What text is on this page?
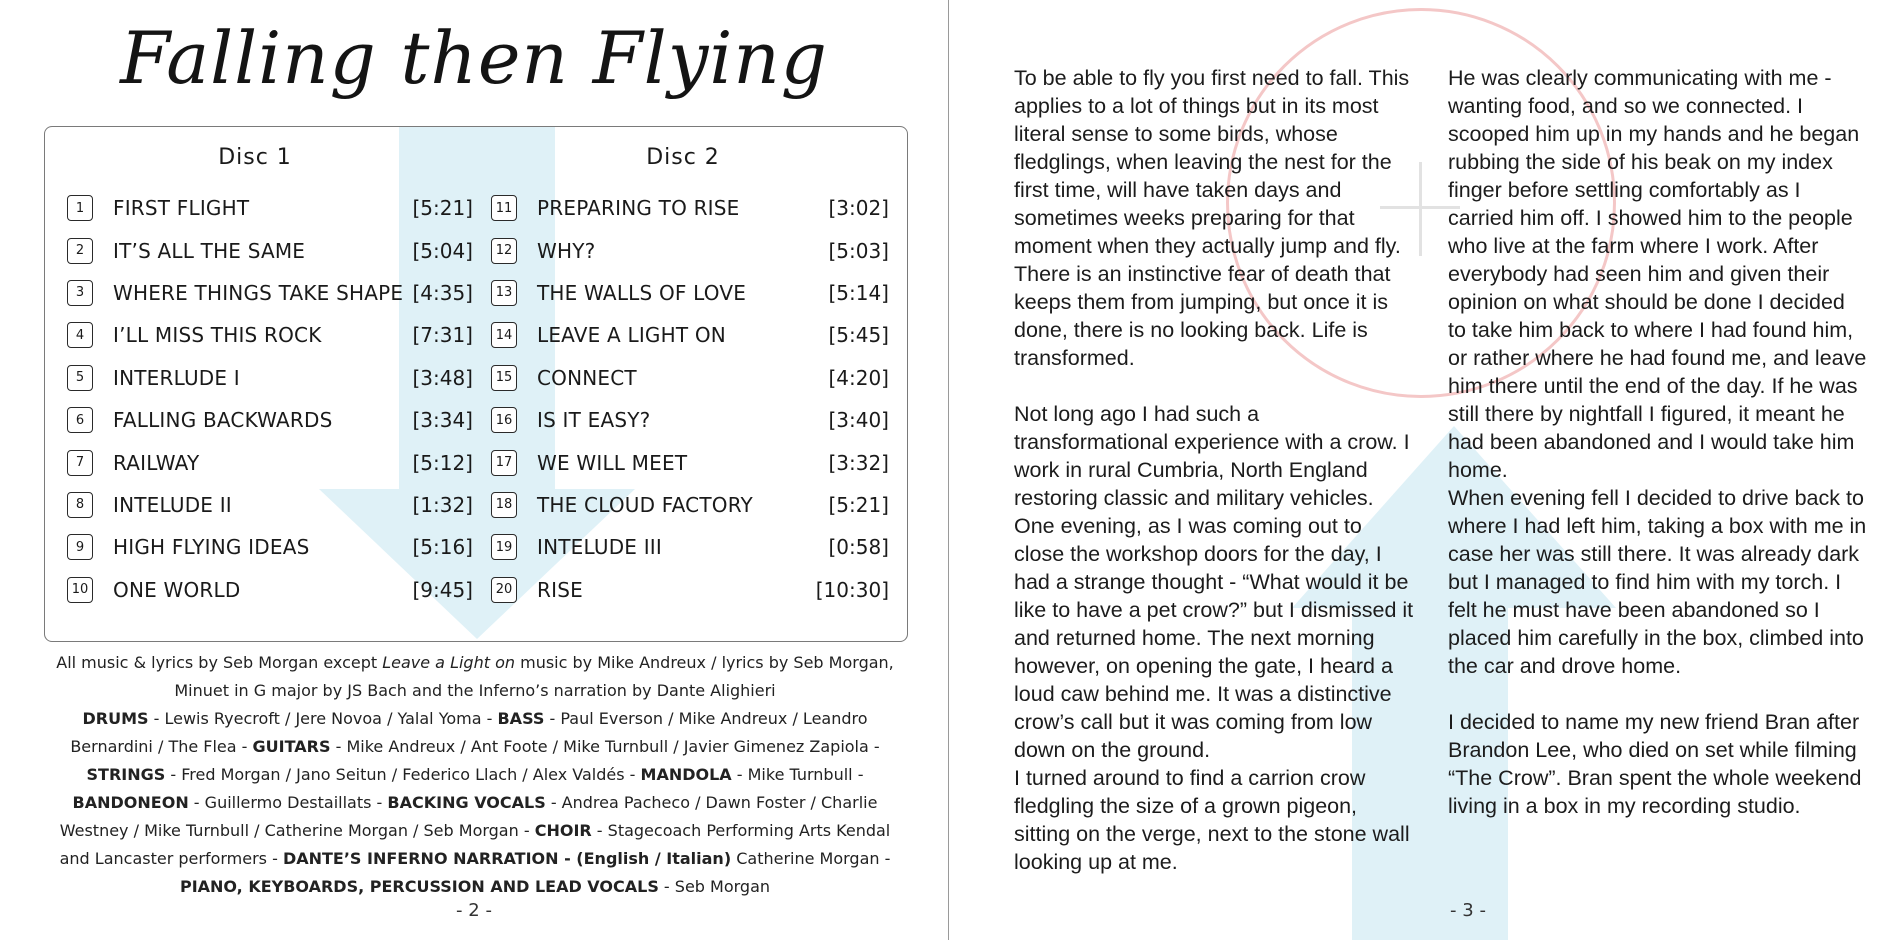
Falling then Flying
Disc 1	Disc 2
1	FIRST FLIGHT	[5:21]
2	IT’S ALL THE SAME	[5:04]
3	WHERE THINGS TAKE SHAPE [4:35]
4	I’LL MISS THIS ROCK	[7:31]
5	INTERLUDE I	[3:48]
6	FALLING BACKWARDS	[3:34]
7	RAILWAY	[5:12]
8	INTELUDE II	[1:32]
9	HIGH FLYING IDEAS	[5:16]
10 ONE WORLD	[9:45]
11 PREPARING TO RISE	[3:02]
12 WHY?	[5:03]
13 THE WALLS OF LOVE	[5:14]
14 LEAVE A LIGHT ON	[5:45]
15 CONNECT	[4:20]
16 IS IT EASY?	[3:40]
17 WE WILL MEET	[3:32]
18 THE CLOUD FACTORY	[5:21]
19 INTELUDE III	[0:58]
20 RISE	[10:30]

All music & lyrics by Seb Morgan except Leave a Light on music by Mike Andreux / lyrics by Seb Morgan,
Minuet in G major by JS Bach and the Inferno’s narration by Dante Alighieri

DRUMS - Lewis Ryecroft / Jere Novoa / Yalal Yoma - BASS - Paul Everson / Mike Andreux / Leandro Bernardini / The Flea - GUITARS - Mike Andreux / Ant Foote / Mike Turnbull / Javier Gimenez Zapiola - STRINGS - Fred Morgan / Jano Seitun / Federico Llach / Alex Valdés - MANDOLA - Mike Turnbull - BANDONEON - Guillermo Destaillats - BACKING VOCALS - Andrea Pacheco / Dawn Foster / Charlie Westney / Mike Turnbull / Catherine Morgan / Seb Morgan - CHOIR - Stagecoach Performing Arts Kendal and Lancaster performers - DANTE’S INFERNO NARRATION - (English / Italian) Catherine Morgan - PIANO, KEYBOARDS, PERCUSSION AND LEAD VOCALS - Seb Morgan

- 2 -

To be able to fly you first need to fall. This applies to a lot of things but in its most literal sense to some birds, whose fledglings, when leaving the nest for the first time, will have taken days and sometimes weeks preparing for that moment when they actually jump and fly. There is an instinctive fear of death that keeps them from jumping, but once it is done, there is no looking back. Life is transformed.

Not long ago I had such a transformational experience with a crow. I work in rural Cumbria, North England restoring classic and military vehicles. One evening, as I was coming out to close the workshop doors for the day, I had a strange thought - “What would it be like to have a pet crow?” but I dismissed it and returned home. The next morning however, on opening the gate, I heard a loud caw behind me. It was a distinctive crow’s call but it was coming from low down on the ground.

I turned around to find a carrion crow fledgling the size of a grown pigeon, sitting on the verge, next to the stone wall looking up at me.

He was clearly communicating with me -wanting food, and so we connected. I scooped him up in my hands and he began rubbing the side of his beak on my index finger before settling comfortably as I carried him off. I showed him to the people who live at the farm where I work. After everybody had seen him and given their opinion on what should be done I decided to take him back to where I had found him, or rather where he had found me, and leave him there until the end of the day. If he was still there by nightfall I figured, it meant he had been abandoned and I would take him home.

When evening fell I decided to drive back to where I had left him, taking a box with me in case her was still there. It was already dark but I managed to find him with my torch. I felt he must have been abandoned so I placed him carefully in the box, climbed into the car and drove home.

I decided to name my new friend Bran after Brandon Lee, who died on set while filming “The Crow”. Bran spent the whole weekend living in a box in my recording studio.

- 3 -
